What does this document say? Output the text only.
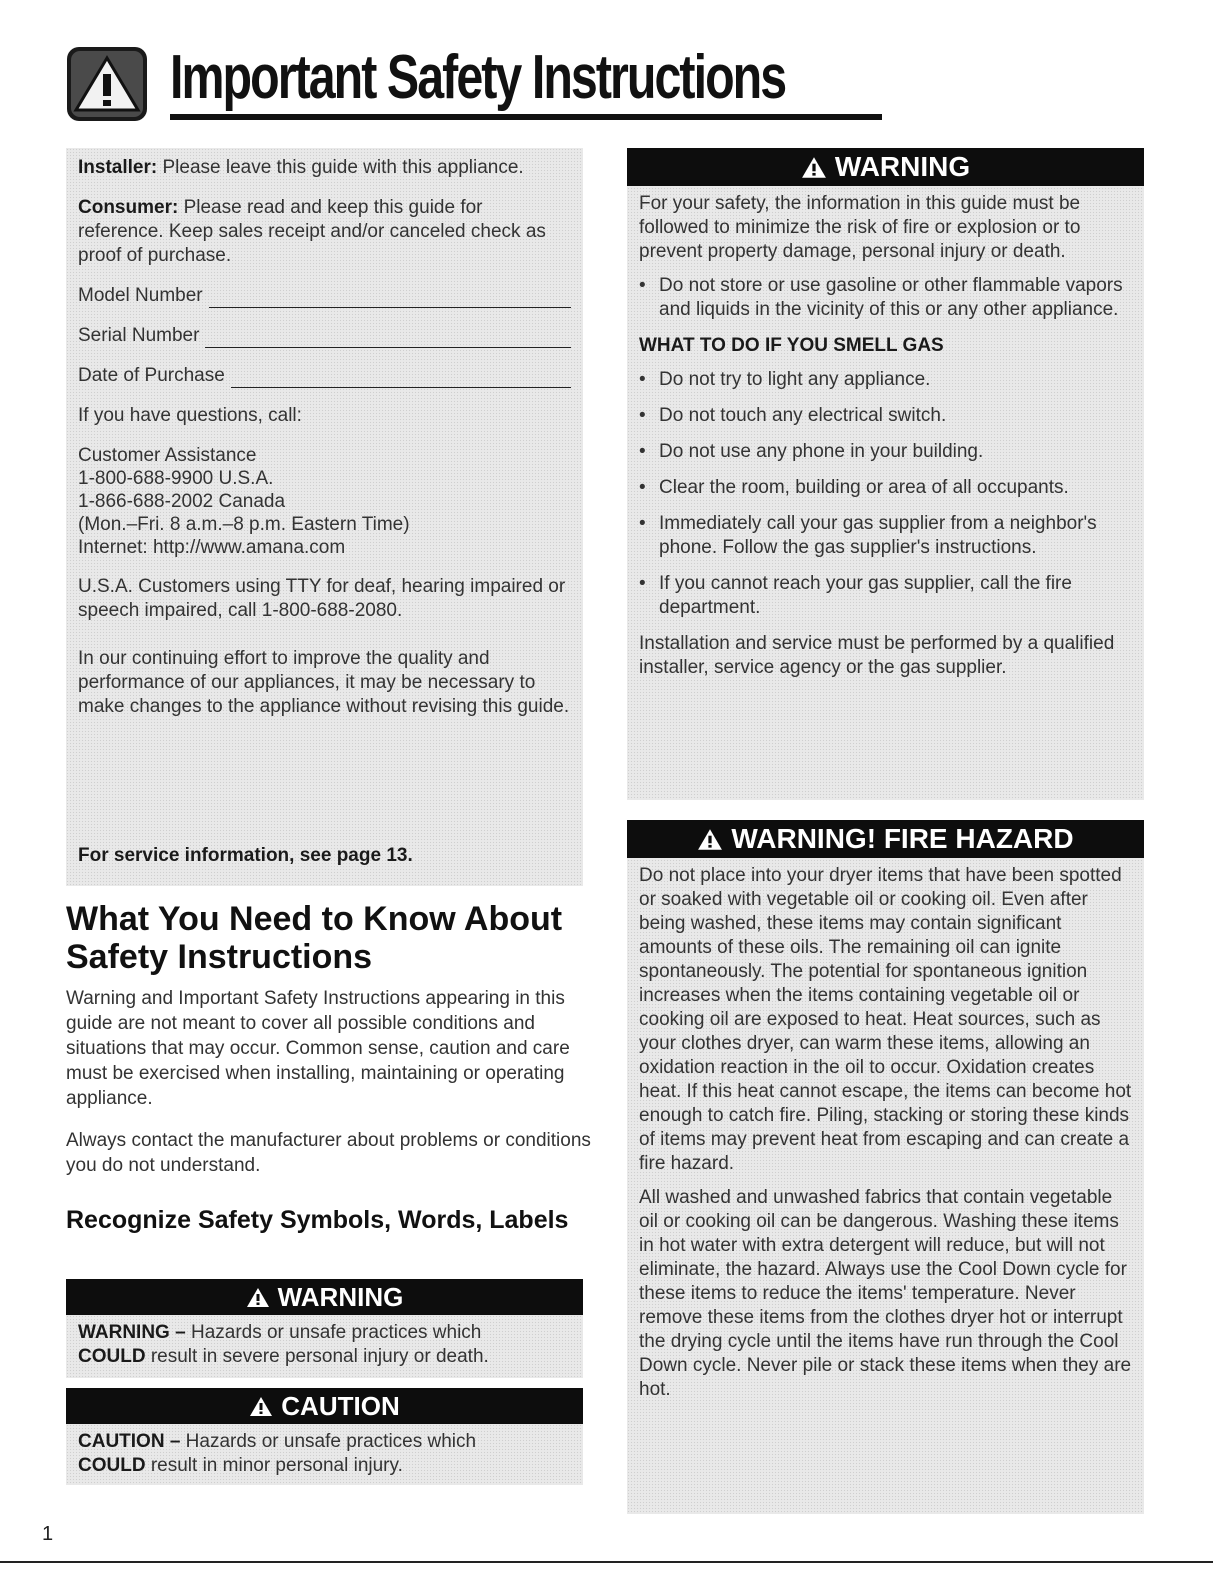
Important Safety Instructions

Installer: Please leave this guide with this appliance.

Consumer: Please read and keep this guide for reference. Keep sales receipt and/or canceled check as proof of purchase.

Model Number
Serial Number
Date of Purchase

If you have questions, call:

Customer Assistance
1-800-688-9900 U.S.A.
1-866-688-2002 Canada
(Mon.–Fri. 8 a.m.–8 p.m. Eastern Time)
Internet: http://www.amana.com

U.S.A. Customers using TTY for deaf, hearing impaired or speech impaired, call 1-800-688-2080.

In our continuing effort to improve the quality and performance of our appliances, it may be necessary to make changes to the appliance without revising this guide.

For service information, see page 13.
What You Need to Know About Safety Instructions
Warning and Important Safety Instructions appearing in this guide are not meant to cover all possible conditions and situations that may occur. Common sense, caution and care must be exercised when installing, maintaining or operating appliance.
Always contact the manufacturer about problems or conditions you do not understand.
Recognize Safety Symbols, Words, Labels
WARNING
WARNING – Hazards or unsafe practices which
COULD result in severe personal injury or death.
CAUTION
CAUTION – Hazards or unsafe practices which
COULD result in minor personal injury.
WARNING

For your safety, the information in this guide must be followed to minimize the risk of fire or explosion or to prevent property damage, personal injury or death.

• Do not store or use gasoline or other flammable vapors and liquids in the vicinity of this or any other appliance.
WHAT TO DO IF YOU SMELL GAS
• Do not try to light any appliance.
• Do not touch any electrical switch.
• Do not use any phone in your building.
• Clear the room, building or area of all occupants.
• Immediately call your gas supplier from a neighbor's phone. Follow the gas supplier's instructions.
• If you cannot reach your gas supplier, call the fire department.

Installation and service must be performed by a qualified installer, service agency or the gas supplier.

WARNING! FIRE HAZARD

Do not place into your dryer items that have been spotted or soaked with vegetable oil or cooking oil. Even after being washed, these items may contain significant amounts of these oils. The remaining oil can ignite spontaneously. The potential for spontaneous ignition increases when the items containing vegetable oil or cooking oil are exposed to heat. Heat sources, such as your clothes dryer, can warm these items, allowing an oxidation reaction in the oil to occur. Oxidation creates heat. If this heat cannot escape, the items can become hot enough to catch fire. Piling, stacking or storing these kinds of items may prevent heat from escaping and can create a fire hazard.

All washed and unwashed fabrics that contain vegetable oil or cooking oil can be dangerous. Washing these items in hot water with extra detergent will reduce, but will not eliminate, the hazard. Always use the Cool Down cycle for these items to reduce the items' temperature. Never remove these items from the clothes dryer hot or interrupt the drying cycle until the items have run through the Cool Down cycle. Never pile or stack these items when they are hot.

1
